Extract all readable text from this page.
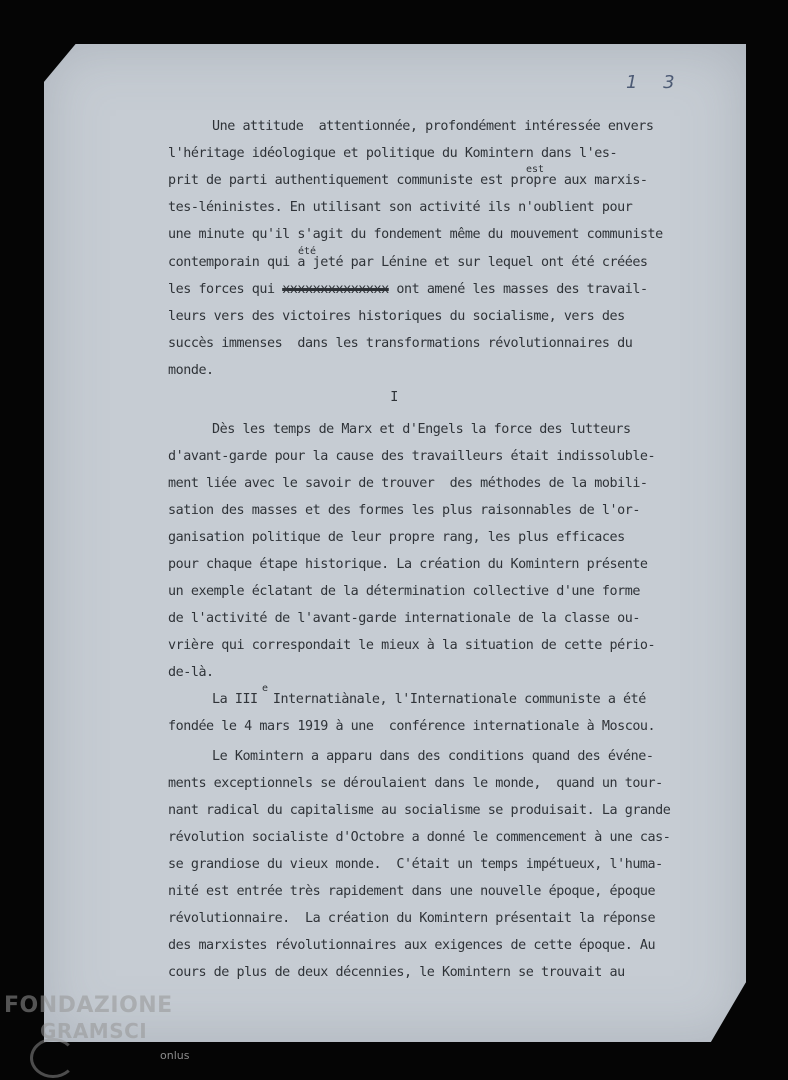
1 3
Une attitude  attentionnée, profondément intéressée envers
l'héritage idéologique et politique du Komintern dans l'es-
prit de parti authentiquement communiste est propre aux marxis-
est
tes-léninistes. En utilisant son activité ils n'oublient pour
une minute qu'il s'agit du fondement même du mouvement communiste
contemporain qui a jeté par Lénine et sur lequel ont été créées
été
les forces qui xxxxxxxxxxxxxx ont amené les masses des travail-
leurs vers des victoires historiques du socialisme, vers des
succès immenses  dans les transformations révolutionnaires du
monde.
I
Dès les temps de Marx et d'Engels la force des lutteurs
d'avant-garde pour la cause des travailleurs était indissoluble-
ment liée avec le savoir de trouver  des méthodes de la mobili-
sation des masses et des formes les plus raisonnables de l'or-
ganisation politique de leur propre rang, les plus efficaces
pour chaque étape historique. La création du Komintern présente
un exemple éclatant de la détermination collective d'une forme
de l'activité de l'avant-garde internationale de la classe ou-
vrière qui correspondait le mieux à la situation de cette pério-
de-là.
La III  Internatiànale, l'Internationale communiste a été
e
fondée le 4 mars 1919 à une  conférence internationale à Moscou.
Le Komintern a apparu dans des conditions quand des événe-
ments exceptionnels se déroulaient dans le monde,  quand un tour-
nant radical du capitalisme au socialisme se produisait. La grande
révolution socialiste d'Octobre a donné le commencement à une cas-
se grandiose du vieux monde.  C'était un temps impétueux, l'huma-
nité est entrée très rapidement dans une nouvelle époque, époque
révolutionnaire.  La création du Komintern présentait la réponse
des marxistes révolutionnaires aux exigences de cette époque. Au
cours de plus de deux décennies, le Komintern se trouvait au
FONDAZIONE
GRAMSCI
onlus
